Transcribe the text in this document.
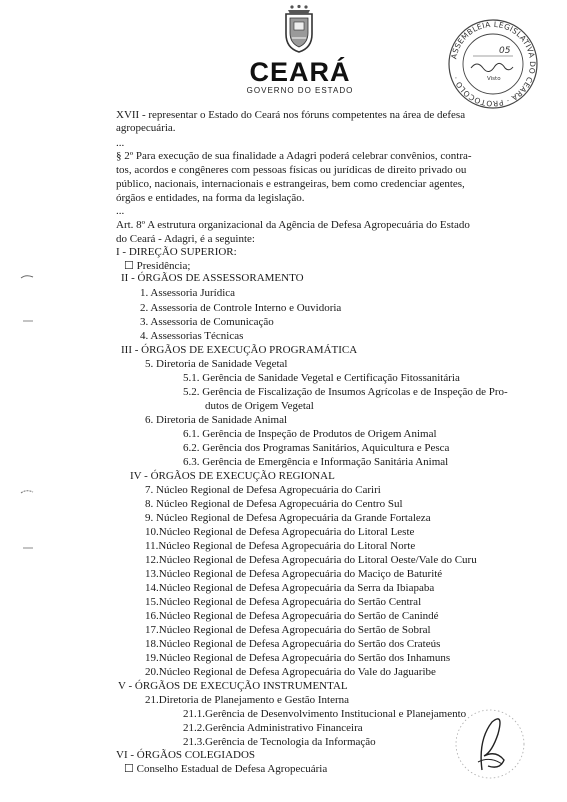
CEARÁ
GOVERNO DO ESTADO
ASSEMBLEIA LEGISLATIVA DO CEARÁ · PROTOCOLO ·
05
Visto
XVII - representar o Estado do Ceará nos fóruns competentes na área de defesa
agropecuária.
...
§ 2º Para execução de sua finalidade a Adagri poderá celebrar convênios, contra-
tos, acordos e congêneres com pessoas físicas ou jurídicas de direito privado ou
público, nacionais, internacionais e estrangeiras, bem como credenciar agentes,
órgãos e entidades, na forma da legislação.
...
Art. 8º A estrutura organizacional da Agência de Defesa Agropecuária do Estado
do Ceará - Adagri, é a seguinte:
I - DIREÇÃO SUPERIOR:
☐ Presidência;
II - ÓRGÃOS DE ASSESSORAMENTO
1. Assessoria Jurídica
2. Assessoria de Controle Interno e Ouvidoria
3. Assessoria de Comunicação
4. Assessorias Técnicas
III - ÓRGÃOS DE EXECUÇÃO PROGRAMÁTICA
5. Diretoria de Sanidade Vegetal
5.1. Gerência de Sanidade Vegetal e Certificação Fitossanitária
5.2. Gerência de Fiscalização de Insumos Agrícolas e de Inspeção de Pro-
dutos de Origem Vegetal
6. Diretoria de Sanidade Animal
6.1. Gerência de Inspeção de Produtos de Origem Animal
6.2. Gerência dos Programas Sanitários, Aquicultura e Pesca
6.3. Gerência de Emergência e Informação Sanitária Animal
IV - ÓRGÃOS DE EXECUÇÃO REGIONAL
7. Núcleo Regional de Defesa Agropecuária do Cariri
8. Núcleo Regional de Defesa Agropecuária do Centro Sul
9. Núcleo Regional de Defesa Agropecuária da Grande Fortaleza
10.Núcleo Regional de Defesa Agropecuária do Litoral Leste
11.Núcleo Regional de Defesa Agropecuária do Litoral Norte
12.Núcleo Regional de Defesa Agropecuária do Litoral Oeste/Vale do Curu
13.Núcleo Regional de Defesa Agropecuária do Maciço de Baturité
14.Núcleo Regional de Defesa Agropecuária da Serra da Ibiapaba
15.Núcleo Regional de Defesa Agropecuária do Sertão Central
16.Núcleo Regional de Defesa Agropecuária do Sertão de Canindé
17.Núcleo Regional de Defesa Agropecuária do Sertão de Sobral
18.Núcleo Regional de Defesa Agropecuária do Sertão dos Crateús
19.Núcleo Regional de Defesa Agropecuária do Sertão dos Inhamuns
20.Núcleo Regional de Defesa Agropecuária do Vale do Jaguaribe
V - ÓRGÃOS DE EXECUÇÃO INSTRUMENTAL
21.Diretoria de Planejamento e Gestão Interna
21.1.Gerência de Desenvolvimento Institucional e Planejamento
21.2.Gerência Administrativo Financeira
21.3.Gerência de Tecnologia da Informação
VI - ÓRGÃOS COLEGIADOS
☐ Conselho Estadual de Defesa Agropecuária
